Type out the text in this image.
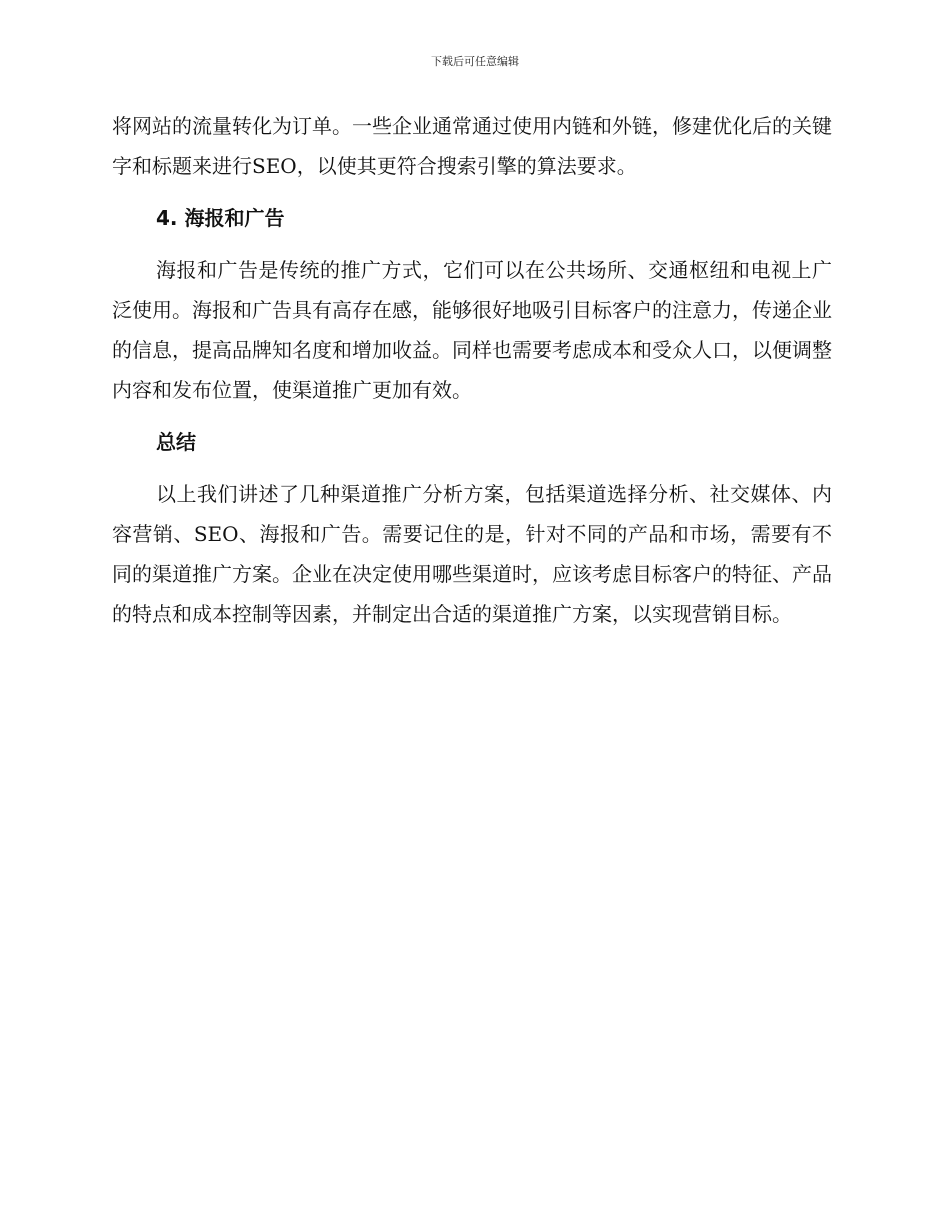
下载后可任意编辑

将网站的流量转化为订单。一些企业通常通过使用内链和外链，修建优化后的关键字和标题来进行SEO，以使其更符合搜索引擎的算法要求。

4. 海报和广告

海报和广告是传统的推广方式，它们可以在公共场所、交通枢纽和电视上广泛使用。海报和广告具有高存在感，能够很好地吸引目标客户的注意力，传递企业的信息，提高品牌知名度和增加收益。同样也需要考虑成本和受众人口，以便调整内容和发布位置，使渠道推广更加有效。

总结

以上我们讲述了几种渠道推广分析方案，包括渠道选择分析、社交媒体、内容营销、SEO、海报和广告。需要记住的是，针对不同的产品和市场，需要有不同的渠道推广方案。企业在决定使用哪些渠道时，应该考虑目标客户的特征、产品的特点和成本控制等因素，并制定出合适的渠道推广方案，以实现营销目标。
